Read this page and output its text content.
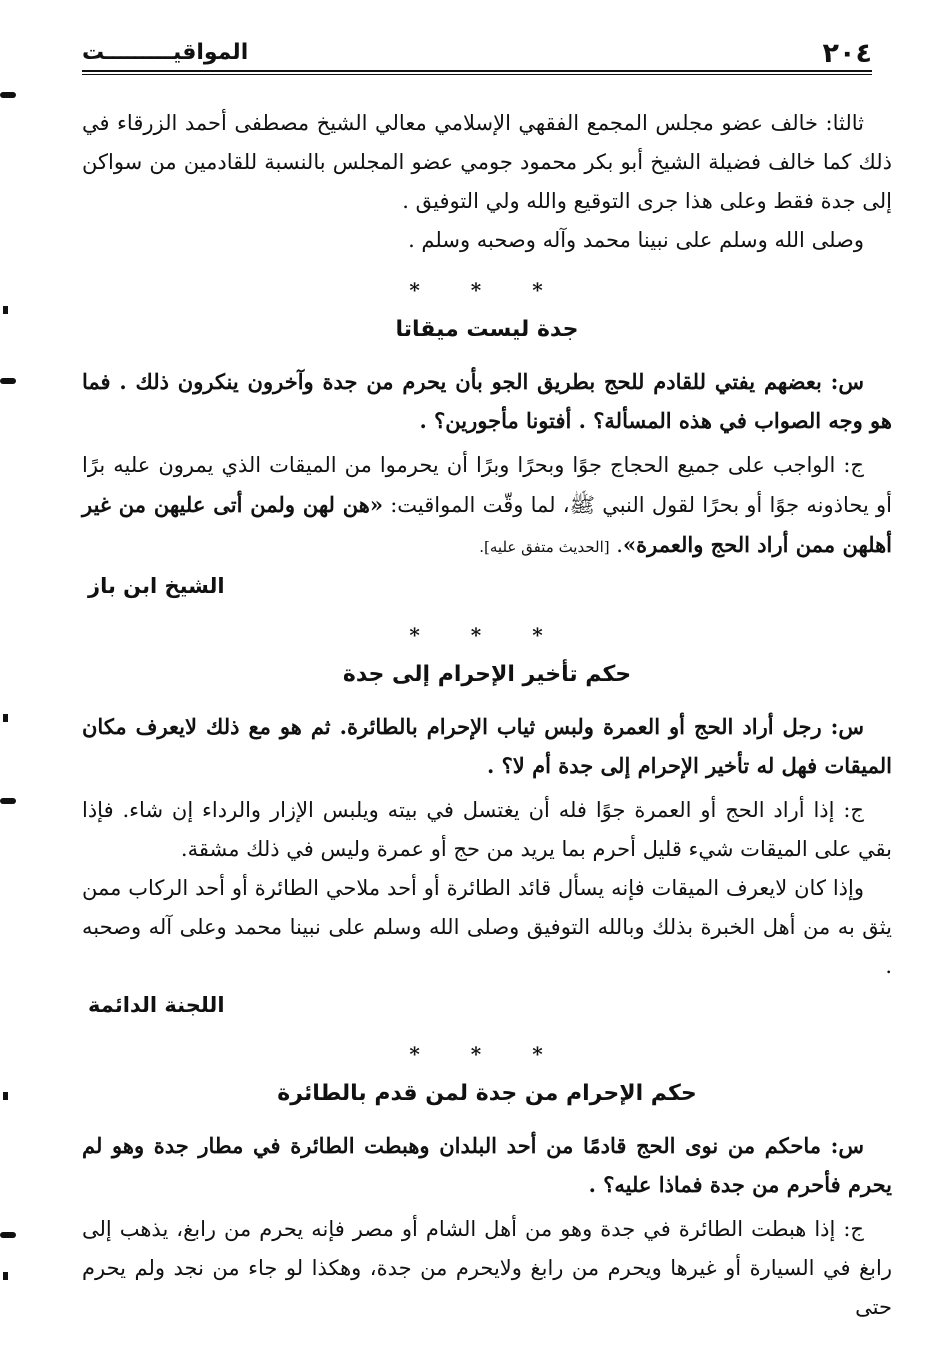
٢٠٤
المواقيـــــــــت

ثالثا: خالف عضو مجلس المجمع الفقهي الإسلامي معالي الشيخ مصطفى أحمد الزرقاء في ذلك كما خالف فضيلة الشيخ أبو بكر محمود جومي عضو المجلس بالنسبة للقادمين من سواكن إلى جدة فقط وعلى هذا جرى التوقيع والله ولي التوفيق .

وصلى الله وسلم على نبينا محمد وآله وصحبه وسلم .

* * *
جدة ليست ميقاتا

س: بعضهم يفتي للقادم للحج بطريق الجو بأن يحرم من جدة وآخرون ينكرون ذلك . فما هو وجه الصواب في هذه المسألة؟ . أفتونا مأجورين؟ .

ج: الواجب على جميع الحجاج جوًا وبحرًا وبرًا أن يحرموا من الميقات الذي يمرون عليه برًا أو يحاذونه جوًا أو بحرًا لقول النبي ﷺ، لما وقّت المواقيت: «هن لهن ولمن أتى عليهن من غير أهلهن ممن أراد الحج والعمرة». [الحديث متفق عليه].

الشيخ ابن باز
* * *
حكم تأخير الإحرام إلى جدة

س: رجل أراد الحج أو العمرة ولبس ثياب الإحرام بالطائرة. ثم هو مع ذلك لايعرف مكان الميقات فهل له تأخير الإحرام إلى جدة أم لا؟ .

ج: إذا أراد الحج أو العمرة جوًا فله أن يغتسل في بيته ويلبس الإزار والرداء إن شاء. فإذا بقي على الميقات شيء قليل أحرم بما يريد من حج أو عمرة وليس في ذلك مشقة.

وإذا كان لايعرف الميقات فإنه يسأل قائد الطائرة أو أحد ملاحي الطائرة أو أحد الركاب ممن يثق به من أهل الخبرة بذلك وبالله التوفيق وصلى الله وسلم على نبينا محمد وعلى آله وصحبه .

اللجنة الدائمة
* * *
حكم الإحرام من جدة لمن قدم بالطائرة

س: ماحكم من نوى الحج قادمًا من أحد البلدان وهبطت الطائرة في مطار جدة وهو لم يحرم فأحرم من جدة فماذا عليه؟ .

ج: إذا هبطت الطائرة في جدة وهو من أهل الشام أو مصر فإنه يحرم من رابغ، يذهب إلى رابغ في السيارة أو غيرها ويحرم من رابغ ولايحرم من جدة، وهكذا لو جاء من نجد ولم يحرم حتى
